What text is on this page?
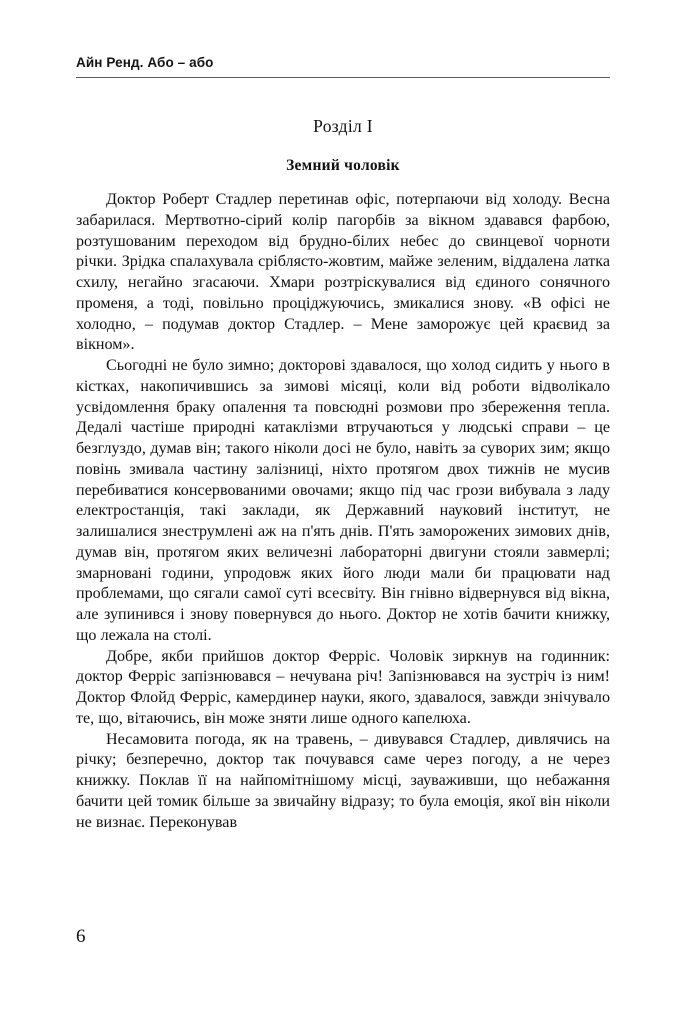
Айн Ренд. Або – або
Розділ I
Земний чоловік

Доктор Роберт Стадлер перетинав офіс, потерпаючи від холоду. Весна забарилася. Мертвотно-сірий колір пагорбів за вікном здавався фарбою, розтушованим переходом від брудно-білих небес до свинцевої чорноти річки. Зрідка спалахувала сріблясто-жовтим, майже зеленим, віддалена латка схилу, негайно згасаючи. Хмари розтріскувалися від єдиного сонячного променя, а тоді, повільно проціджуючись, змикалися знову. «В офісі не холодно, – подумав доктор Стадлер. – Мене заморожує цей краєвид за вікном».

Сьогодні не було зимно; докторові здавалося, що холод сидить у нього в кістках, накопичившись за зимові місяці, коли від роботи відволікало усвідомлення браку опалення та повсюдні розмови про збереження тепла. Дедалі частіше природні катаклізми втручаються у людські справи – це безглуздо, думав він; такого ніколи досі не було, навіть за суворих зим; якщо повінь змивала частину залізниці, ніхто протягом двох тижнів не мусив перебиватися консервованими овочами; якщо під час грози вибувала з ладу електростанція, такі заклади, як Державний науковий інститут, не залишалися знеструмлені аж на п'ять днів. П'ять заморожених зимових днів, думав він, протягом яких величезні лабораторні двигуни стояли завмерлі; змарновані години, упродовж яких його люди мали би працювати над проблемами, що сягали самої суті всесвіту. Він гнівно відвернувся від вікна, але зупинився і знову повернувся до нього. Доктор не хотів бачити книжку, що лежала на столі.

Добре, якби прийшов доктор Ферріс. Чоловік зиркнув на годинник: доктор Ферріс запізнювався – нечувана річ! Запізнювався на зустріч із ним! Доктор Флойд Ферріс, камердинер науки, якого, здавалося, завжди знічувало те, що, вітаючись, він може зняти лише одного капелюха.

Несамовита погода, як на травень, – дивувався Стадлер, дивлячись на річку; безперечно, доктор так почувався саме через погоду, а не через книжку. Поклав її на найпомітнішому місці, зауваживши, що небажання бачити цей томик більше за звичайну відразу; то була емоція, якої він ніколи не визнає. Переконував

6
